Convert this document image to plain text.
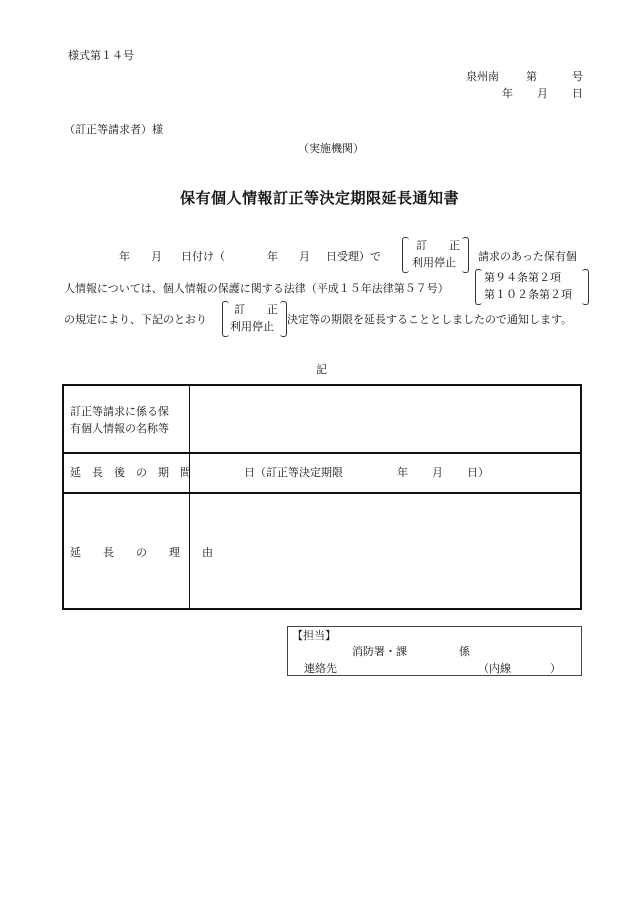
様式第１４号
泉州南 第	号
年 月 日
（訂正等請求者）様
（実施機関）
保有個人情報訂正等決定期限延長通知書
年 月 日付け（	年 月 日受理）で
訂　　正
利用停止 請求のあった保有個
人情報については、個人情報の保護に関する法律（平成１５年法律第５７号）
第９４条第２項
第１０２条第２項
の規定により、下記のとおり
訂　　正
利用停止
決定等の期限を延長することとしましたので通知します。
記
訂正等請求に係る保
有個人情報の名称等
延　長　後　の　期　間	日（訂正等決定期限	年 月 日）
延　　長　　の　　理　　由
【担当】
消防署・課	係
連絡先	（内線	）
